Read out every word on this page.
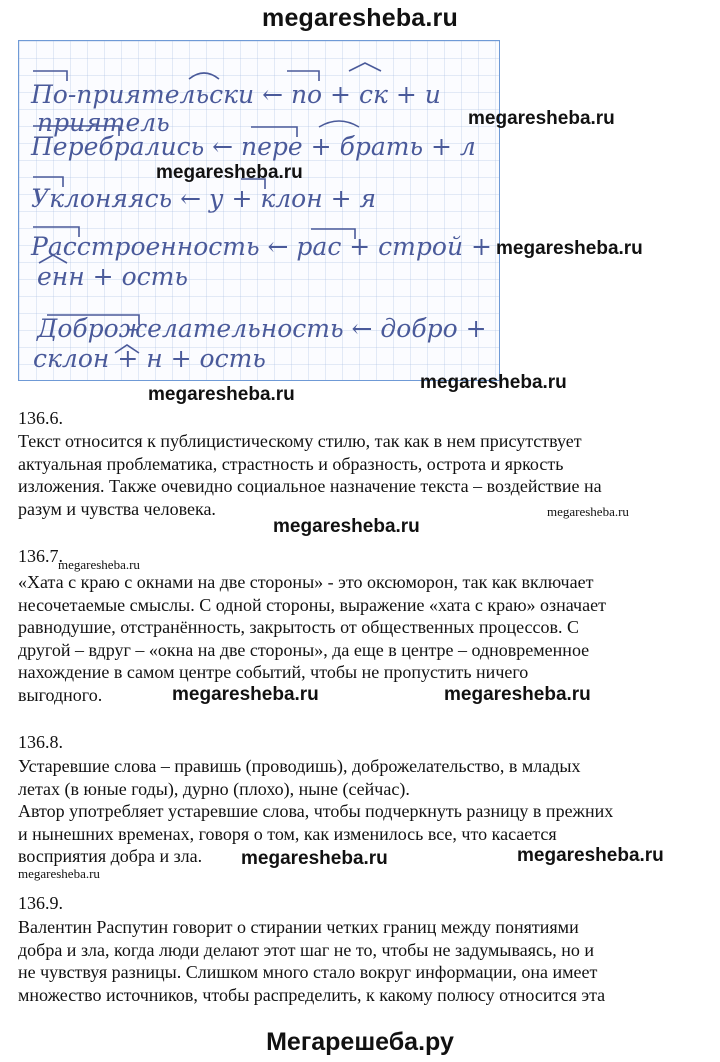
megaresheba.ru
По-приятельски ← по + ск + и
приятель
Перебрались ← пере + брать + л
Уклоняясь ← у + клон + я
Расстроенность ← рас + строй +
енн + ость
Доброжелательность ← добро +
склон + н + ость
megaresheba.ru
megaresheba.ru
megaresheba.ru
megaresheba.ru
megaresheba.ru
megaresheba.ru
megaresheba.ru
megaresheba.ru
megaresheba.ru	megaresheba.ru
megaresheba.ru	megaresheba.ru
megaresheba.ru
136.6.
Текст относится к публицистическому стилю, так как в нем присутствует
актуальная проблематика, страстность и образность, острота и яркость
изложения. Также очевидно социальное назначение текста – воздействие на
разум и чувства человека.
136.7.
«Хата с краю с окнами на две стороны» - это оксюморон, так как включает
несочетаемые смыслы. С одной стороны, выражение «хата с краю» означает
равнодушие, отстранённость, закрытость от общественных процессов. С
другой – вдруг – «окна на две стороны», да еще в центре – одновременное
нахождение в самом центре событий, чтобы не пропустить ничего
выгодного.
136.8.
Устаревшие слова – правишь (проводишь), доброжелательство, в младых
летах (в юные годы), дурно (плохо), ныне (сейчас).
Автор употребляет устаревшие слова, чтобы подчеркнуть разницу в прежних
и нынешних временах, говоря о том, как изменилось все, что касается
восприятия добра и зла.
136.9.
Валентин Распутин говорит о стирании четких границ между понятиями
добра и зла, когда люди делают этот шаг не то, чтобы не задумываясь, но и
не чувствуя разницы. Слишком много стало вокруг информации, она имеет
множество источников, чтобы распределить, к какому полюсу относится эта
Мегарешеба.ру
